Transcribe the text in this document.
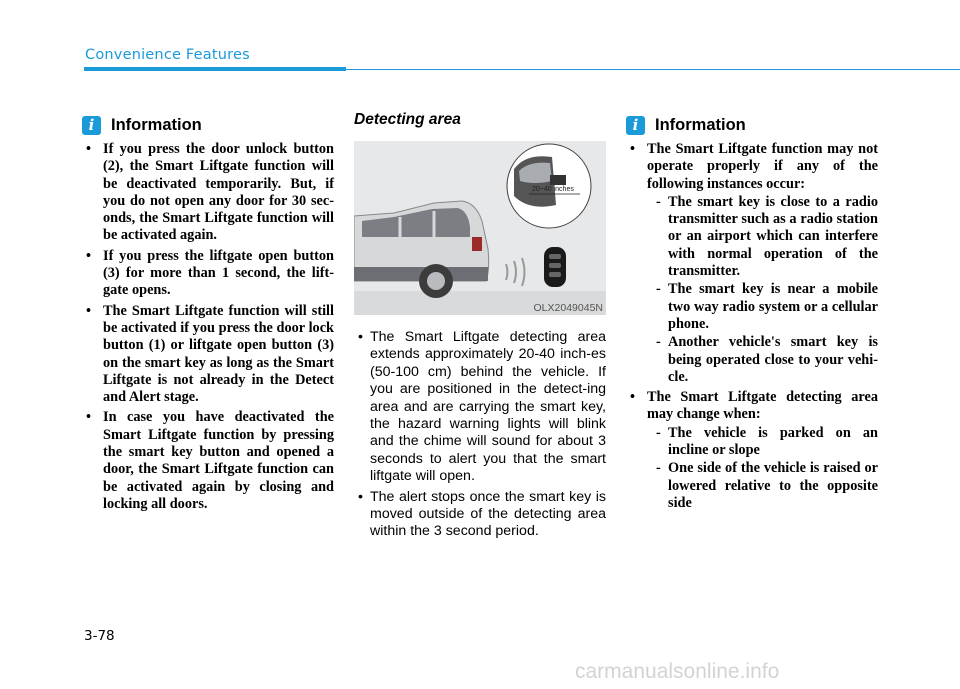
Convenience Features
i	Information
• If you press the door unlock button (2), the Smart Liftgate function will be deactivated temporarily. But, if you do not open any door for 30 sec-onds, the Smart Liftgate function will be activated again.
• If you press the liftgate open button (3) for more than 1 second, the lift-gate opens.
• The Smart Liftgate function will still be activated if you press the door lock button (1) or liftgate open button (3) on the smart key as long as the Smart Liftgate is not already in the Detect and Alert stage.
• In case you have deactivated the Smart Liftgate function by pressing the smart key button and opened a door, the Smart Liftgate function can be activated again by closing and locking all doors.
Detecting area
20~40 inches
OLX2049045N
• The Smart Liftgate detecting area extends approximately 20-40 inch-es (50-100 cm) behind the vehicle. If you are positioned in the detect-ing area and are carrying the smart key, the hazard warning lights will blink and the chime will sound for about 3 seconds to alert you that the smart liftgate will open.
• The alert stops once the smart key is moved outside of the detecting area within the 3 second period.
i	Information
• The Smart Liftgate function may not operate properly if any of the following instances occur:
- The smart key is close to a radio transmitter such as a radio station or an airport which can interfere with normal operation of the transmitter.
- The smart key is near a mobile two way radio system or a cellular phone.
- Another vehicle's smart key is being operated close to your vehi-cle.
• The Smart Liftgate detecting area may change when:
- The vehicle is parked on an incline or slope
- One side of the vehicle is raised or lowered relative to the opposite side
3-78
carmanualsonline.info
